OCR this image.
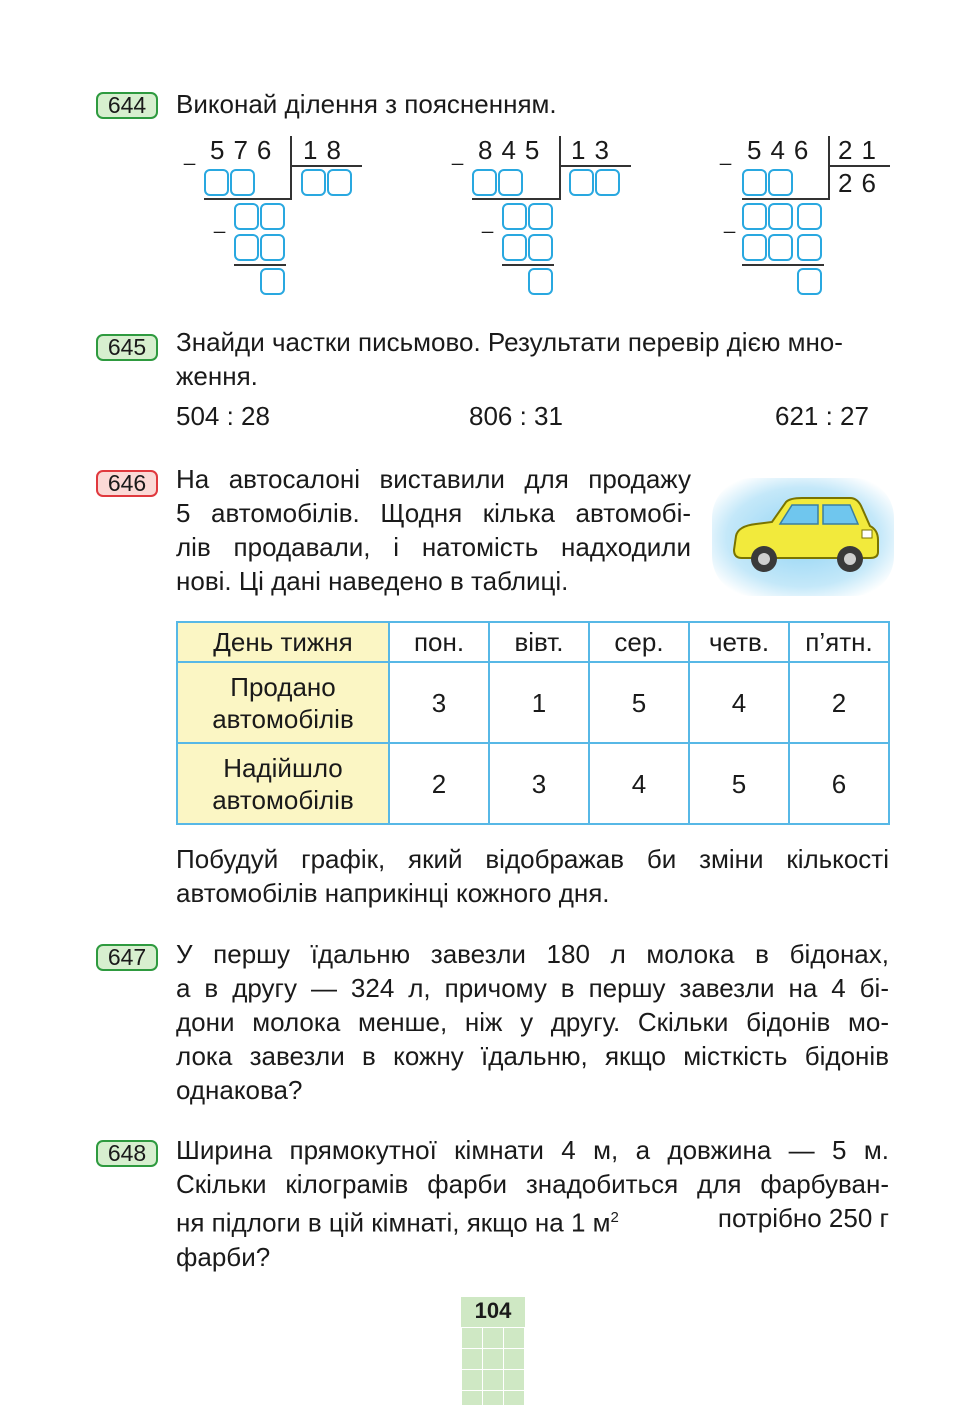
644	Виконай ділення з поясненням.
_ 576 18
_
_ 845 13
_
_ 546 21
26
_
645	Знайди частки письмово. Результати перевір дією мно-
ження.
504 : 28	806 : 31	621 : 27
646	На автосалоні виставили для продажу
5 автомобілів. Щодня кілька автомобі-
лів продавали, і натомість надходили
нові. Ці дані наведено в таблиці.
День тижня	пон.	вівт.	сер.	четв.	п’ятн.

Продано
автомобілів	3	1	5	4	2

Надійшло
автомобілів	2	3	4	5	6
Побудуй графік, який відображав би зміни кількості
автомобілів наприкінці кожного дня.
647	У першу їдальню завезли 180 л молока в бідонах,
а в другу — 324 л, причому в першу завезли на 4 бі-
дони молока менше, ніж у другу. Скільки бідонів мо-
лока завезли в кожну їдальню, якщо місткість бідонів
однакова?
648	Ширина прямокутної кімнати 4 м, а довжина — 5 м.
Скільки кілограмів фарби знадобиться для фарбуван-
ня підлоги в цій кімнаті, якщо на 1 $м^2$	потрібно 250 г
фарби?
104
